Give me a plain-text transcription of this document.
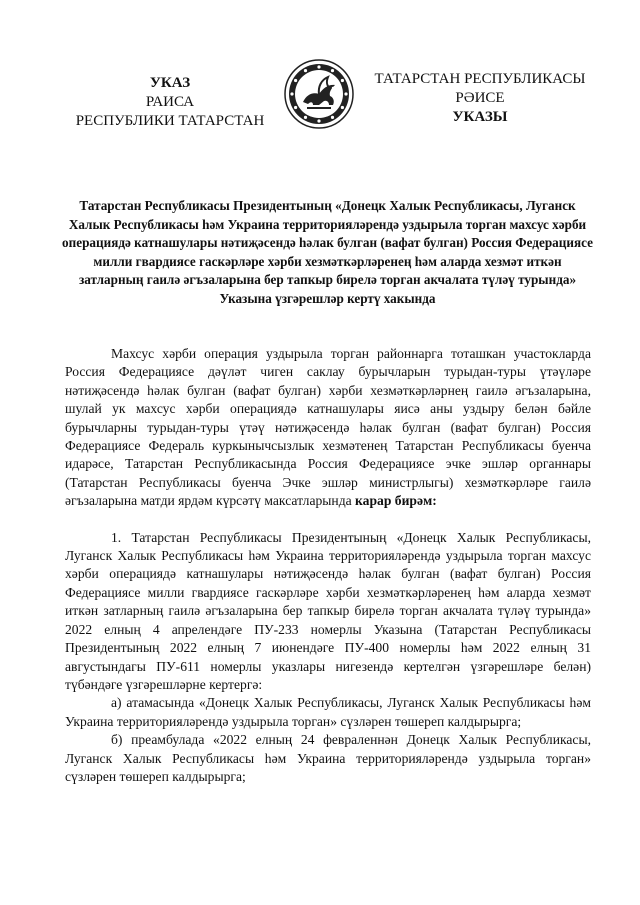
УКАЗ
РАИСА
РЕСПУБЛИКИ ТАТАРСТАН
ТАТАРСТАН РЕСПУБЛИКАСЫ
РӘИСЕ
УКАЗЫ
Татарстан Республикасы Президентының «Донецк Халык Республикасы, Луганск Халык Республикасы һәм Украина территорияләрендә уздырыла торган махсус хәрби операциядә катнашулары нәтиҗәсендә һәлак булган (вафат булган) Россия Федерациясе милли гвардиясе гаскәрләре хәрби хезмәткәрләренең һәм аларда хезмәт иткән затларның гаилә әгъзаларына бер тапкыр бирелә торган акчалата түләү турында» Указына үзгәрешләр кертү хакында

Махсус хәрби операция уздырыла торган районнарга тоташкан участокларда Россия Федерациясе дәүләт чиген саклау бурычларын турыдан-туры үтәүләре нәтиҗәсендә һәлак булган (вафат булган) хәрби хезмәткәрләрнең гаилә әгъзаларына, шулай ук махсус хәрби операциядә катнашулары яисә аны уздыру белән бәйле бурычларны турыдан-туры үтәү нәтиҗәсендә һәлак булган (вафат булган) Россия Федерациясе Федераль куркынычсызлык хезмәтенең Татарстан Республикасы буенча идарәсе, Татарстан Республикасында Россия Федерациясе эчке эшләр органнары (Татарстан Республикасы буенча Эчке эшләр министрлыгы) хезмәткәрләре гаилә әгъзаларына матди ярдәм күрсәтү максатларында карар бирәм:

1. Татарстан Республикасы Президентының «Донецк Халык Республикасы, Луганск Халык Республикасы һәм Украина территорияләрендә уздырыла торган махсус хәрби операциядә катнашулары нәтиҗәсендә һәлак булган (вафат булган) Россия Федерациясе милли гвардиясе гаскәрләре хәрби хезмәткәрләренең һәм аларда хезмәт иткән затларның гаилә әгъзаларына бер тапкыр бирелә торган акчалата түләү турында» 2022 елның 4 апрелендәге ПУ-233 номерлы Указына (Татарстан Республикасы Президентының 2022 елның 7 июнендәге ПУ-400 номерлы һәм 2022 елның 31 августындагы ПУ-611 номерлы указлары нигезендә кертелгән үзгәрешләре белән) түбәндәге үзгәрешләрне кертергә:

а) атамасында «Донецк Халык Республикасы, Луганск Халык Республикасы һәм Украина территорияләрендә уздырыла торган» сүзләрен төшереп калдырырга;

б) преамбулада «2022 елның 24 февраленнән Донецк Халык Республикасы, Луганск Халык Республикасы һәм Украина территорияләрендә уздырыла торган» сүзләрен төшереп калдырырга;
